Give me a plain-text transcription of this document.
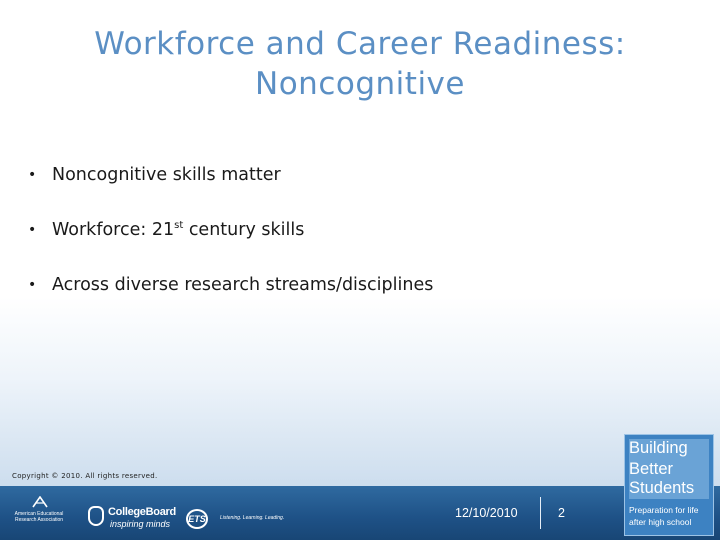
Workforce and Career Readiness:
Noncognitive
• Noncognitive skills matter
• Workforce: 21st century skills
• Across diverse research streams/disciplines
Copyright © 2010. All rights reserved.
American Educational Research Association
CollegeBoard
inspiring minds ETS	Listening. Learning. Leading.	12/10/2010	2
Building
Better
Students
Preparation for life
after high school
